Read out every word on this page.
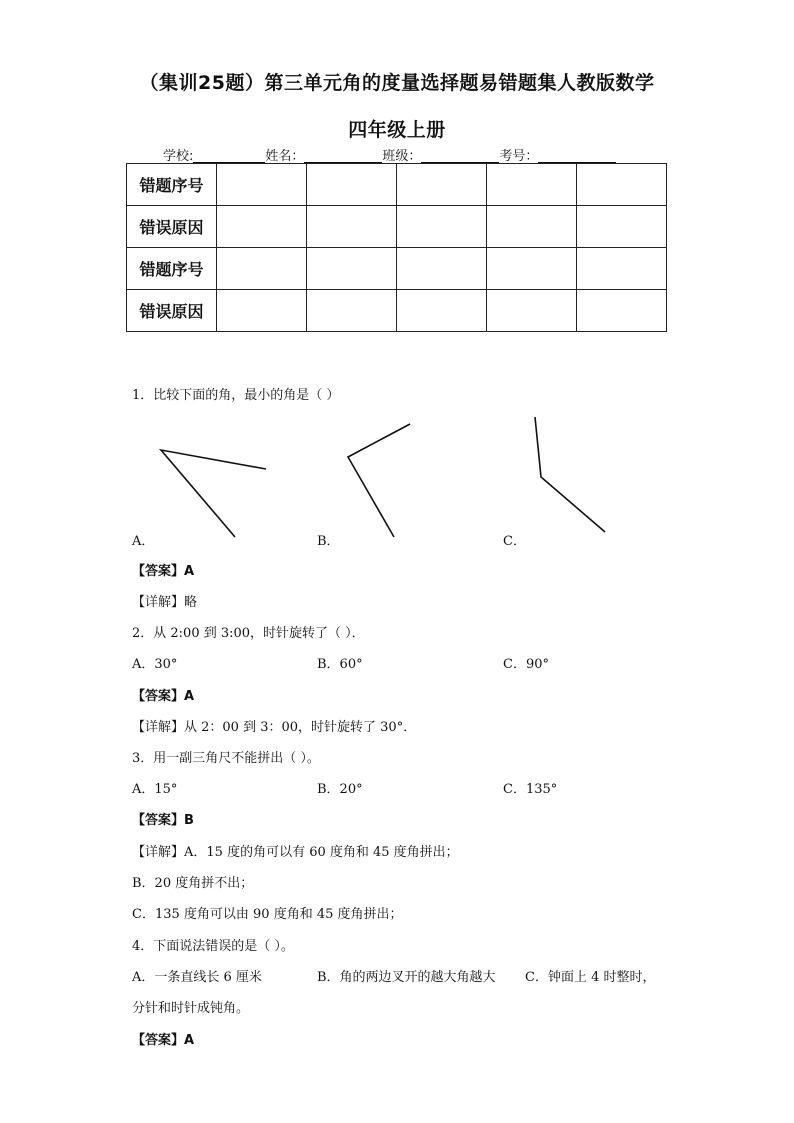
（集训25题）第三单元角的度量选择题易错题集人教版数学
四年级上册
学校:	姓名：	班级：	考号：
错题序号					
错误原因					
错题序号					
错误原因					
1．比较下面的角，最小的角是（ ）
A．	B．	C．
【答案】A
【详解】略
2．从 2:00 到 3:00，时针旋转了（ ）．
A．30°	B．60°	C．90°
【答案】A
【详解】从 2：00 到 3：00，时针旋转了 30°．
3．用一副三角尺不能拼出（ ）。
A．15°	B．20°	C．135°
【答案】B
【详解】A．15 度的角可以有 60 度角和 45 度角拼出；
B．20 度角拼不出；
C．135 度角可以由 90 度角和 45 度角拼出；
4．下面说法错误的是（ ）。
A．一条直线长 6 厘米	B．角的两边叉开的越大角越大 C．钟面上 4 时整时，
分针和时针成钝角。
【答案】A
